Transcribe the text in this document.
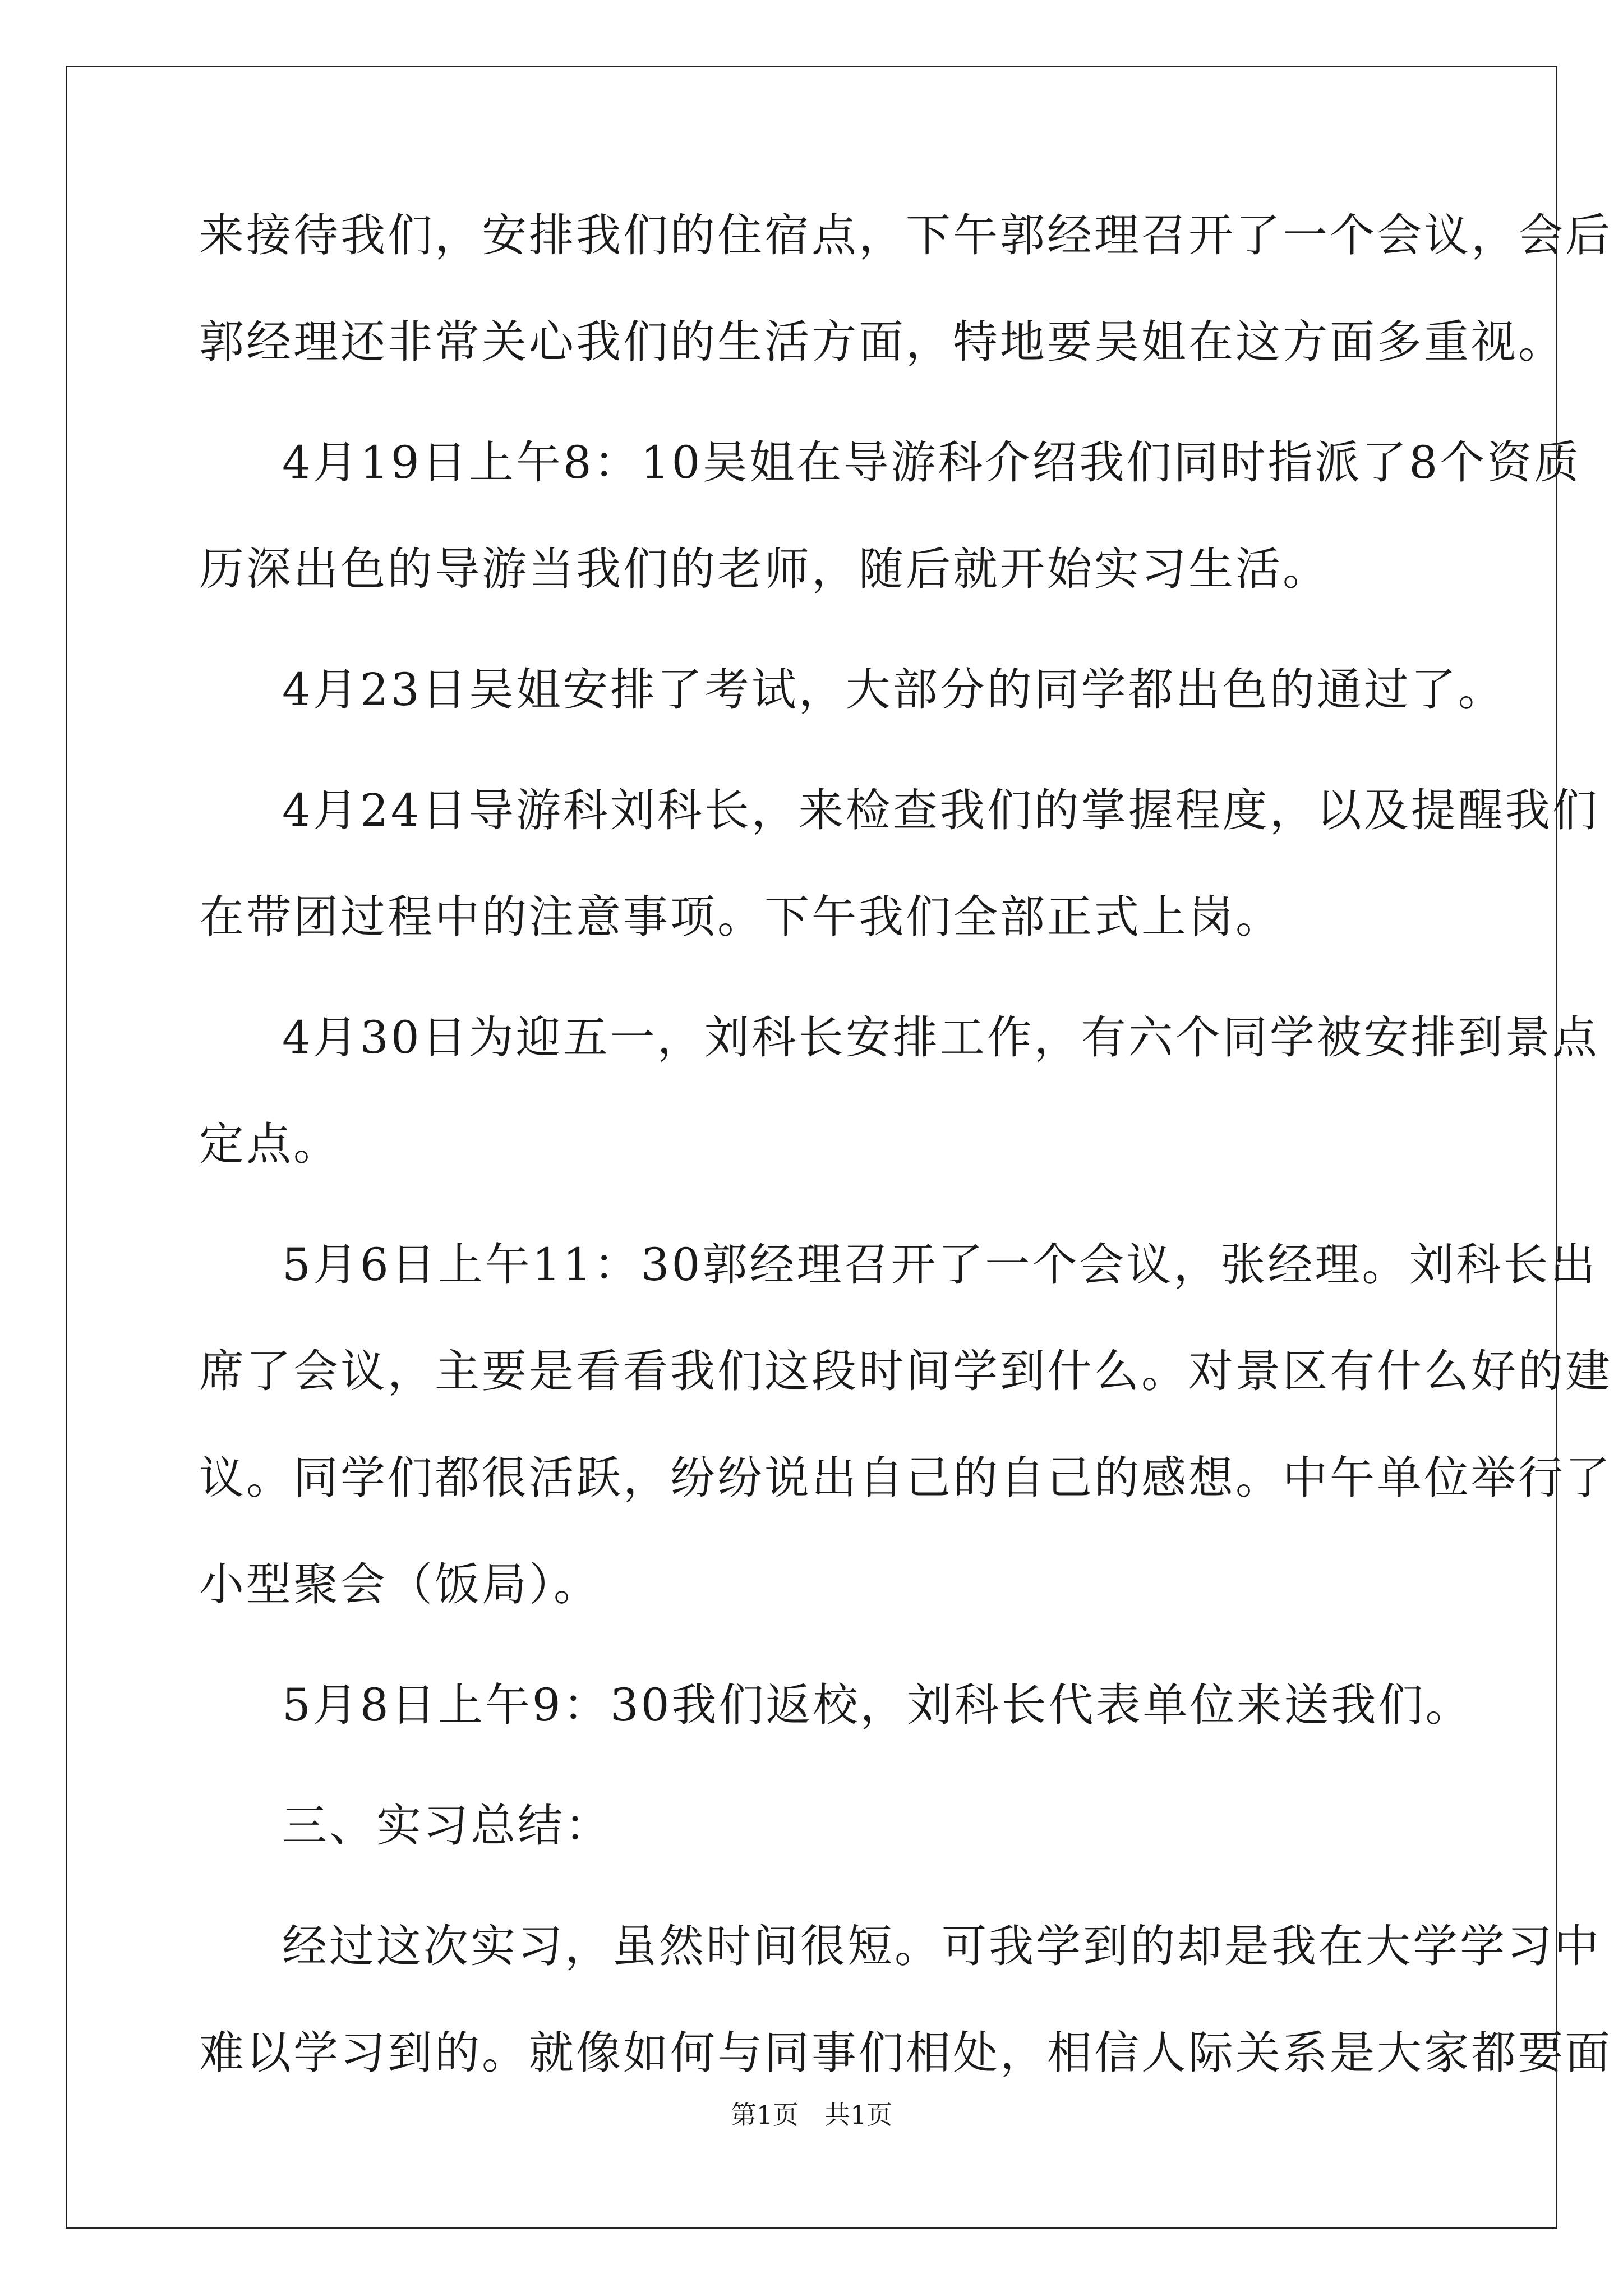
来接待我们，安排我们的住宿点，下午郭经理召开了一个会议，会后
郭经理还非常关心我们的生活方面，特地要吴姐在这方面多重视。
4月19日上午8：10吴姐在导游科介绍我们同时指派了8个资质
历深出色的导游当我们的老师，随后就开始实习生活。
4月23日吴姐安排了考试，大部分的同学都出色的通过了。
4月24日导游科刘科长，来检查我们的掌握程度，以及提醒我们
在带团过程中的注意事项。下午我们全部正式上岗。
4月30日为迎五一，刘科长安排工作，有六个同学被安排到景点
定点。
5月6日上午11：30郭经理召开了一个会议，张经理。刘科长出
席了会议，主要是看看我们这段时间学到什么。对景区有什么好的建
议。同学们都很活跃，纷纷说出自己的自己的感想。中午单位举行了
小型聚会（饭局）。
5月8日上午9：30我们返校，刘科长代表单位来送我们。
三、实习总结：
经过这次实习，虽然时间很短。可我学到的却是我在大学学习中
难以学习到的。就像如何与同事们相处，相信人际关系是大家都要面
第1页　共1页
